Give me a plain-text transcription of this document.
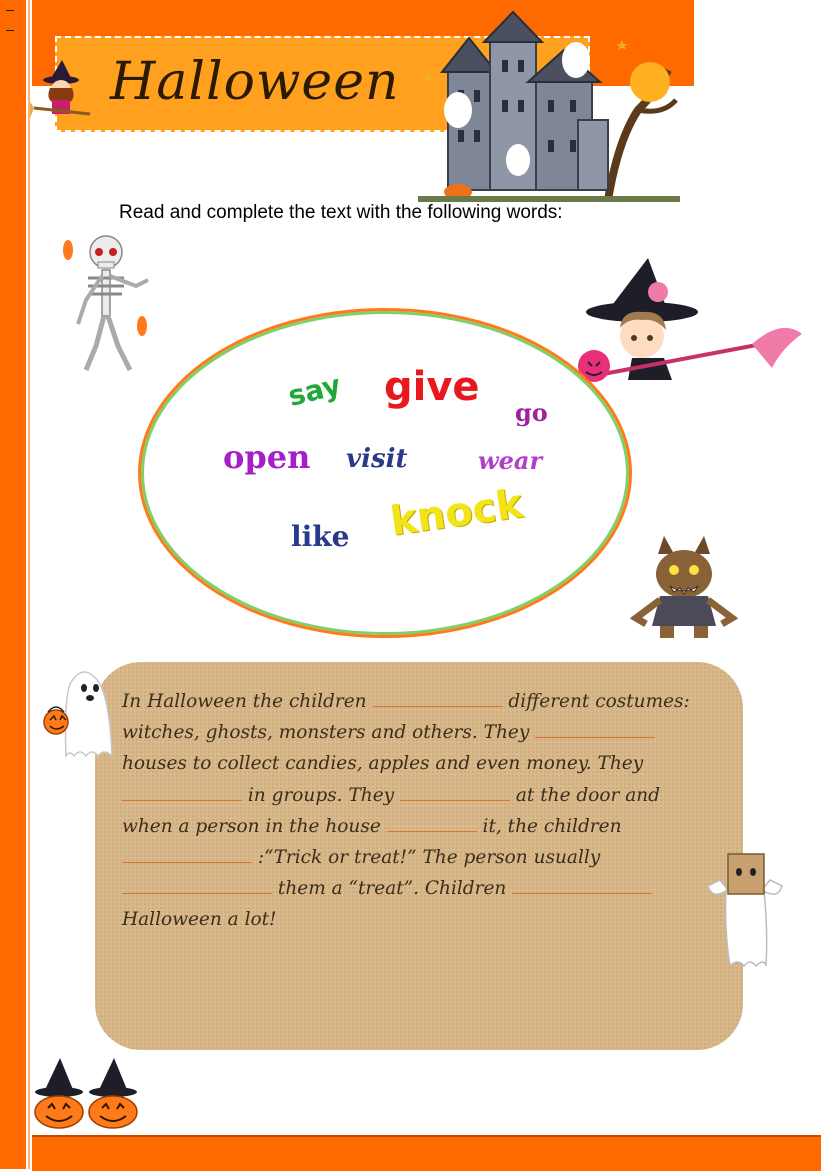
Halloween
Read and complete the text with the following words:
say give
go
open visit	wear
like knock
In Halloween the children	different costumes: witches, ghosts, monsters and others. They  houses to collect candies, apples and even money. They  in groups. They	at the door and when a person in the house	it, the children  :“Trick or treat!” The person usually  them a “treat”. Children  Halloween a lot!
